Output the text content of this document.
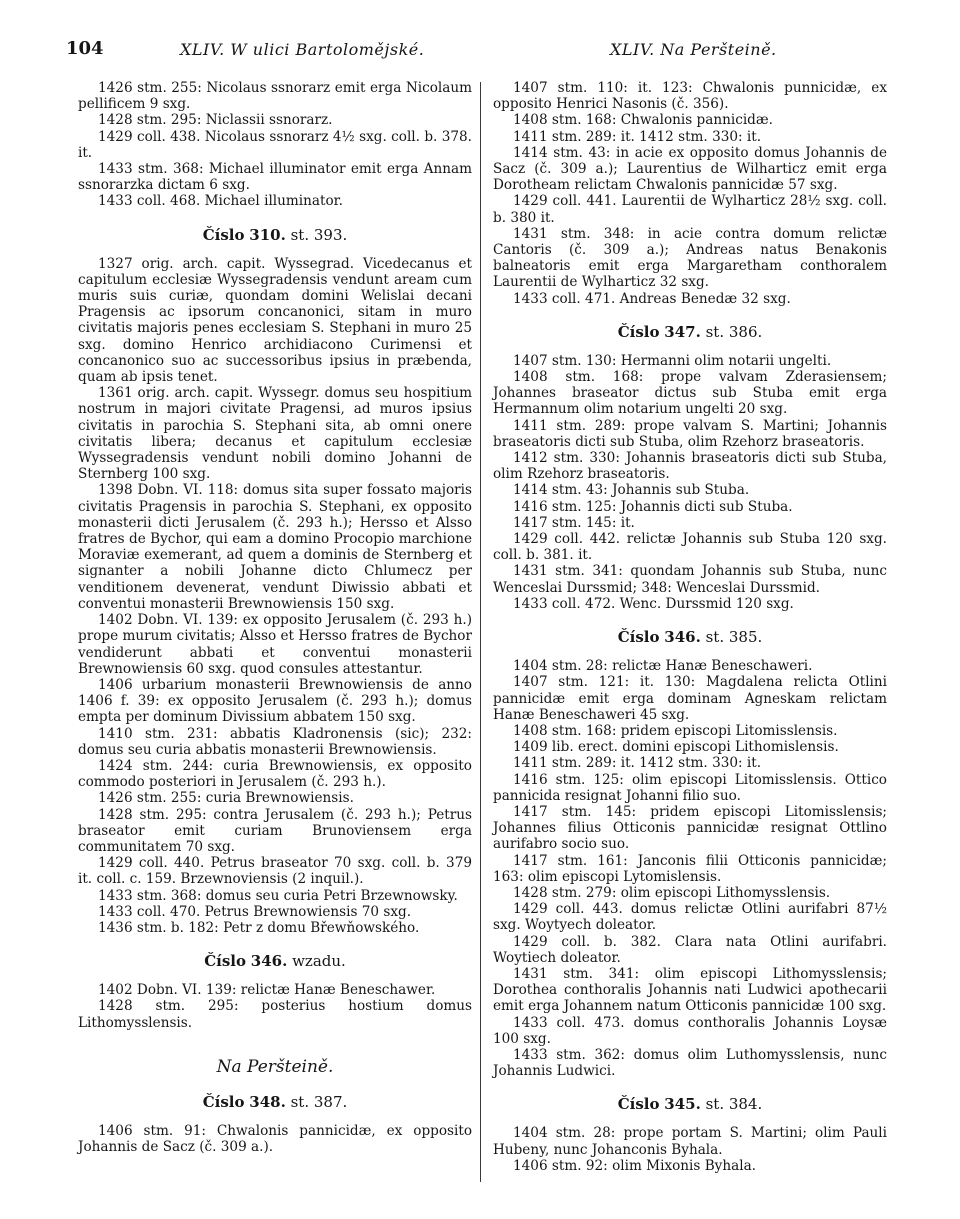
104	XLIV. W ulici Bartolomějské.	XLIV. Na Peršteině.

1426 stm. 255: Nicolaus ssnorarz emit erga Nicolaum pellificem 9 sxg.

1428 stm. 295: Niclassii ssnorarz.

1429 coll. 438. Nicolaus ssnorarz 4½ sxg. coll. b. 378. it.

1433 stm. 368: Michael illuminator emit erga Annam ssnorarzka dictam 6 sxg.

1433 coll. 468. Michael illuminator.

Číslo 310. st. 393.

1327 orig. arch. capit. Wyssegrad. Vicedecanus et capitulum ecclesiæ Wyssegradensis vendunt aream cum muris suis curiæ, quondam domini Welislai decani Pragensis ac ipsorum concanonici, sitam in muro civitatis majoris penes ecclesiam S. Stephani in muro 25 sxg. domino Henrico archidiacono Curimensi et concanonico suo ac successoribus ipsius in præbenda, quam ab ipsis tenet.

1361 orig. arch. capit. Wyssegr. domus seu hospitium nostrum in majori civitate Pragensi, ad muros ipsius civitatis in parochia S. Stephani sita, ab omni onere civitatis libera; decanus et capitulum ecclesiæ Wyssegradensis vendunt nobili domino Johanni de Sternberg 100 sxg.

1398 Dobn. VI. 118: domus sita super fossato majoris civitatis Pragensis in parochia S. Stephani, ex opposito monasterii dicti Jerusalem (č. 293 h.); Hersso et Alsso fratres de Bychor, qui eam a domino Procopio marchione Moraviæ exemerant, ad quem a dominis de Sternberg et signanter a nobili Johanne dicto Chlumecz per venditionem devenerat, vendunt Diwissio abbati et conventui monasterii Brewnowiensis 150 sxg.

1402 Dobn. VI. 139: ex opposito Jerusalem (č. 293 h.) prope murum civitatis; Alsso et Hersso fratres de Bychor vendiderunt abbati et conventui monasterii Brewnowiensis 60 sxg. quod consules attestantur.

1406 urbarium monasterii Brewnowiensis de anno 1406 f. 39: ex opposito Jerusalem (č. 293 h.); domus empta per dominum Divissium abbatem 150 sxg.

1410 stm. 231: abbatis Kladronensis (sic); 232: domus seu curia abbatis monasterii Brewnowiensis.

1424 stm. 244: curia Brewnowiensis, ex opposito commodo posteriori in Jerusalem (č. 293 h.).

1426 stm. 255: curia Brewnowiensis.

1428 stm. 295: contra Jerusalem (č. 293 h.); Petrus braseator emit curiam Brunoviensem erga communitatem 70 sxg.

1429 coll. 440. Petrus braseator 70 sxg. coll. b. 379 it. coll. c. 159. Brzewnoviensis (2 inquil.).

1433 stm. 368: domus seu curia Petri Brzewnowsky.

1433 coll. 470. Petrus Brewnowiensis 70 sxg.

1436 stm. b. 182: Petr z domu Břewňowského.

Číslo 346. wzadu.

1402 Dobn. VI. 139: relictæ Hanæ Beneschawer.

1428 stm. 295: posterius hostium domus Lithomysslensis.

Na Peršteině.
Číslo 348. st. 387.

1406 stm. 91: Chwalonis pannicidæ, ex opposito Johannis de Sacz (č. 309 a.).

1407 stm. 110: it. 123: Chwalonis punnicidæ, ex opposito Henrici Nasonis (č. 356).

1408 stm. 168: Chwalonis pannicidæ.

1411 stm. 289: it. 1412 stm. 330: it.

1414 stm. 43: in acie ex opposito domus Johannis de Sacz (č. 309 a.); Laurentius de Wilharticz emit erga Dorotheam relictam Chwalonis pannicidæ 57 sxg.

1429 coll. 441. Laurentii de Wylharticz 28½ sxg. coll. b. 380 it.

1431 stm. 348: in acie contra domum relictæ Cantoris (č. 309 a.); Andreas natus Benakonis balneatoris emit erga Margaretham conthoralem Laurentii de Wylharticz 32 sxg.

1433 coll. 471. Andreas Benedæ 32 sxg.

Číslo 347. st. 386.

1407 stm. 130: Hermanni olim notarii ungelti.

1408 stm. 168: prope valvam Zderasiensem; Johannes braseator dictus sub Stuba emit erga Hermannum olim notarium ungelti 20 sxg.

1411 stm. 289: prope valvam S. Martini; Johannis braseatoris dicti sub Stuba, olim Rzehorz braseatoris.

1412 stm. 330: Johannis braseatoris dicti sub Stuba, olim Rzehorz braseatoris.

1414 stm. 43: Johannis sub Stuba.

1416 stm. 125: Johannis dicti sub Stuba.

1417 stm. 145: it.

1429 coll. 442. relictæ Johannis sub Stuba 120 sxg. coll. b. 381. it.

1431 stm. 341: quondam Johannis sub Stuba, nunc Wenceslai Durssmid; 348: Wenceslai Durssmid.

1433 coll. 472. Wenc. Durssmid 120 sxg.

Číslo 346. st. 385.

1404 stm. 28: relictæ Hanæ Beneschaweri.

1407 stm. 121: it. 130: Magdalena relicta Otlini pannicidæ emit erga dominam Agneskam relictam Hanæ Beneschaweri 45 sxg.

1408 stm. 168: pridem episcopi Litomisslensis.

1409 lib. erect. domini episcopi Lithomislensis.

1411 stm. 289: it. 1412 stm. 330: it.

1416 stm. 125: olim episcopi Litomisslensis. Ottico pannicida resignat Johanni filio suo.

1417 stm. 145: pridem episcopi Litomisslensis; Johannes filius Otticonis pannicidæ resignat Ottlino aurifabro socio suo.

1417 stm. 161: Janconis filii Otticonis pannicidæ; 163: olim episcopi Lytomislensis.

1428 stm. 279: olim episcopi Lithomysslensis.

1429 coll. 443. domus relictæ Otlini aurifabri 87½ sxg. Woytyech doleator.

1429 coll. b. 382. Clara nata Otlini aurifabri. Woytiech doleator.

1431 stm. 341: olim episcopi Lithomysslensis; Dorothea conthoralis Johannis nati Ludwici apothecarii emit erga Johannem natum Otticonis pannicidæ 100 sxg.

1433 coll. 473. domus conthoralis Johannis Loysæ 100 sxg.

1433 stm. 362: domus olim Luthomysslensis, nunc Johannis Ludwici.

Číslo 345. st. 384.

1404 stm. 28: prope portam S. Martini; olim Pauli Hubeny, nunc Johanconis Byhala.

1406 stm. 92: olim Mixonis Byhala.
